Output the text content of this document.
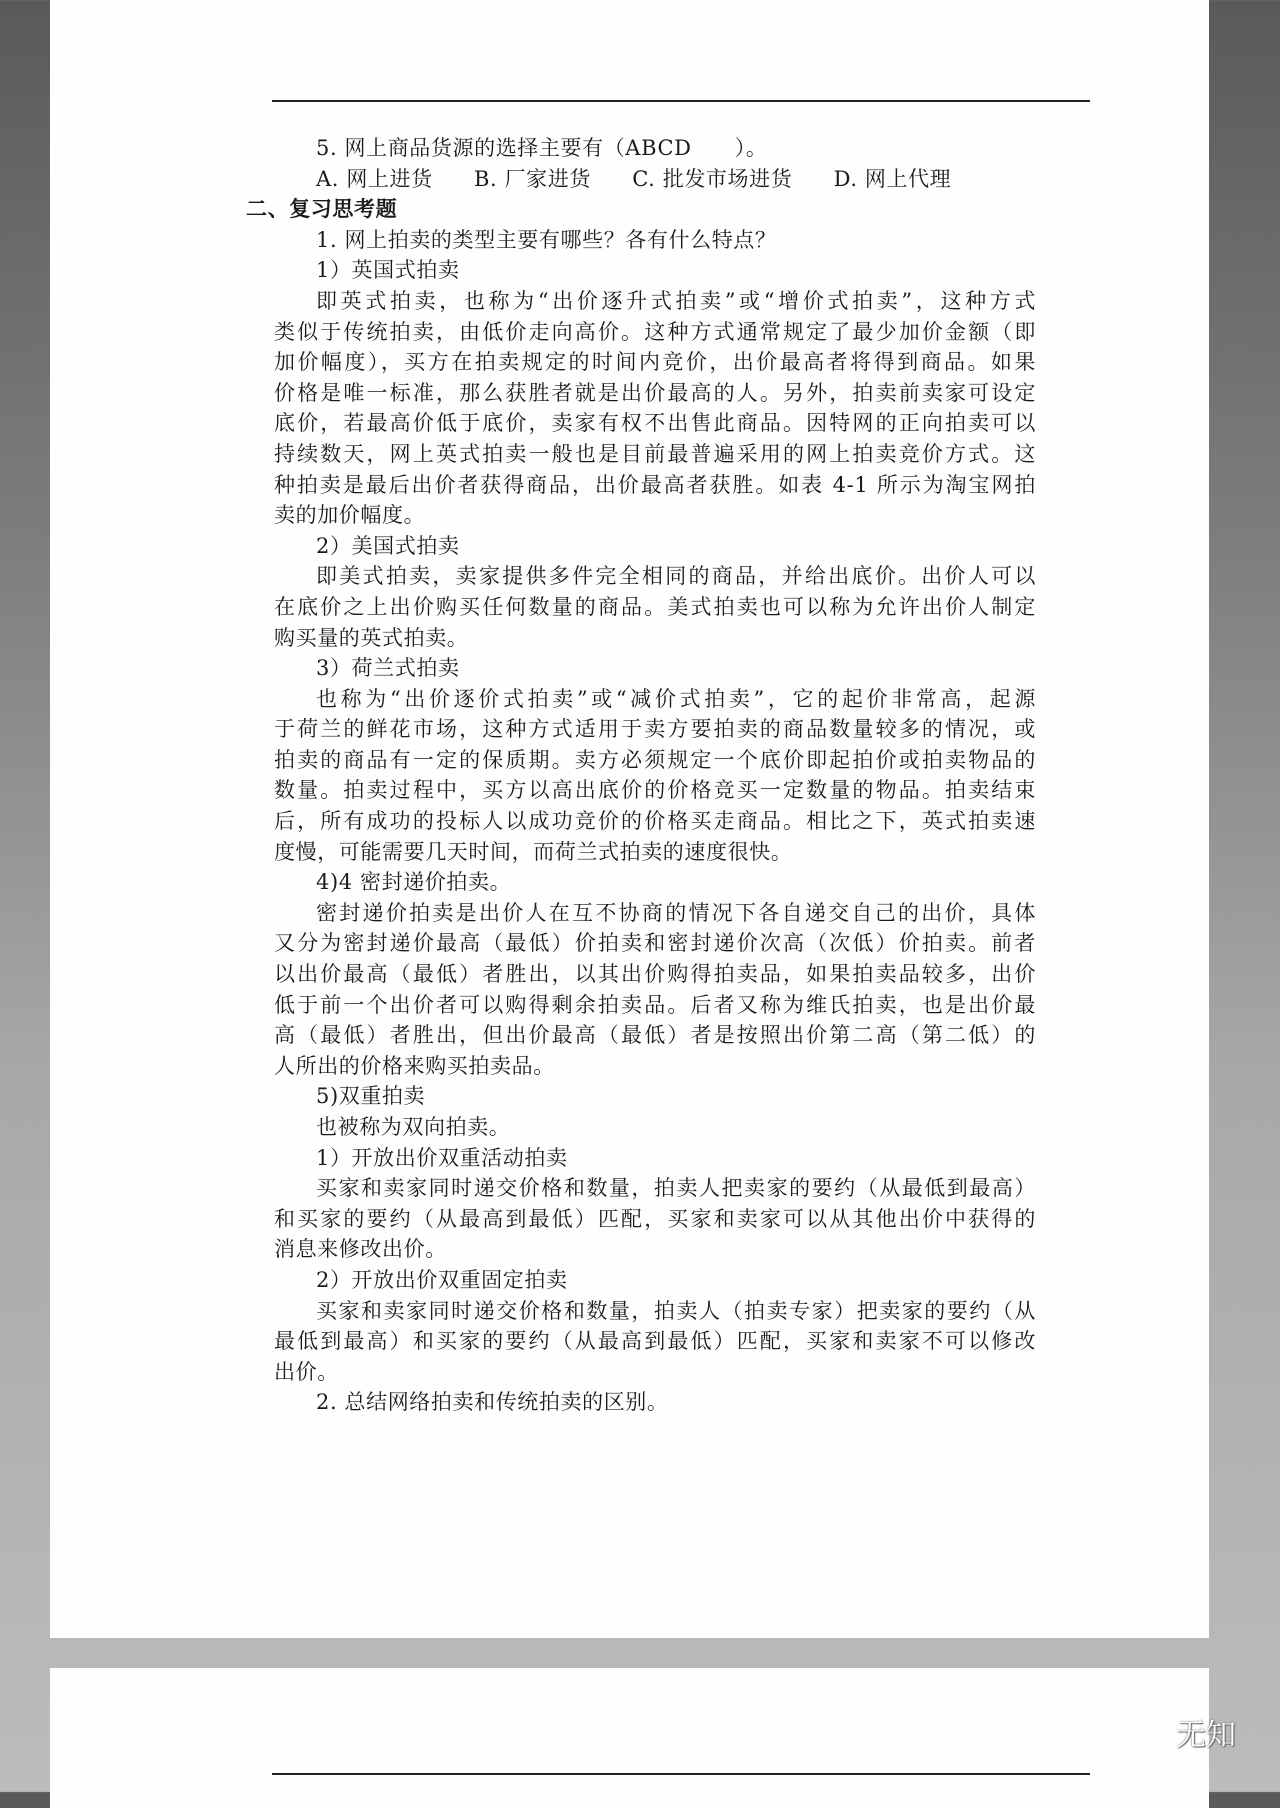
5. 网上商品货源的选择主要有（ABCD　　）。
A. 网上进货 B. 厂家进货 C. 批发市场进货 D. 网上代理
二、复习思考题
1. 网上拍卖的类型主要有哪些？各有什么特点？
1）英国式拍卖
即英式拍卖，也称为“出价逐升式拍卖”或“增价式拍卖”，这种方式
类似于传统拍卖，由低价走向高价。这种方式通常规定了最少加价金额（即
加价幅度），买方在拍卖规定的时间内竞价，出价最高者将得到商品。如果
价格是唯一标准，那么获胜者就是出价最高的人。另外，拍卖前卖家可设定
底价，若最高价低于底价，卖家有权不出售此商品。因特网的正向拍卖可以
持续数天，网上英式拍卖一般也是目前最普遍采用的网上拍卖竞价方式。这
种拍卖是最后出价者获得商品，出价最高者获胜。如表 4-1 所示为淘宝网拍
卖的加价幅度。
2）美国式拍卖
即美式拍卖，卖家提供多件完全相同的商品，并给出底价。出价人可以
在底价之上出价购买任何数量的商品。美式拍卖也可以称为允许出价人制定
购买量的英式拍卖。
3）荷兰式拍卖
也称为“出价逐价式拍卖”或“减价式拍卖”，它的起价非常高，起源
于荷兰的鲜花市场，这种方式适用于卖方要拍卖的商品数量较多的情况，或
拍卖的商品有一定的保质期。卖方必须规定一个底价即起拍价或拍卖物品的
数量。拍卖过程中，买方以高出底价的价格竞买一定数量的物品。拍卖结束
后，所有成功的投标人以成功竞价的价格买走商品。相比之下，英式拍卖速
度慢，可能需要几天时间，而荷兰式拍卖的速度很快。
4)4 密封递价拍卖。
密封递价拍卖是出价人在互不协商的情况下各自递交自己的出价，具体
又分为密封递价最高（最低）价拍卖和密封递价次高（次低）价拍卖。前者
以出价最高（最低）者胜出，以其出价购得拍卖品，如果拍卖品较多，出价
低于前一个出价者可以购得剩余拍卖品。后者又称为维氏拍卖，也是出价最
高（最低）者胜出，但出价最高（最低）者是按照出价第二高（第二低）的
人所出的价格来购买拍卖品。
5)双重拍卖
也被称为双向拍卖。
1）开放出价双重活动拍卖
买家和卖家同时递交价格和数量，拍卖人把卖家的要约（从最低到最高）
和买家的要约（从最高到最低）匹配，买家和卖家可以从其他出价中获得的
消息来修改出价。
2）开放出价双重固定拍卖
买家和卖家同时递交价格和数量，拍卖人（拍卖专家）把卖家的要约（从
最低到最高）和买家的要约（从最高到最低）匹配，买家和卖家不可以修改
出价。
2. 总结网络拍卖和传统拍卖的区别。
无知
